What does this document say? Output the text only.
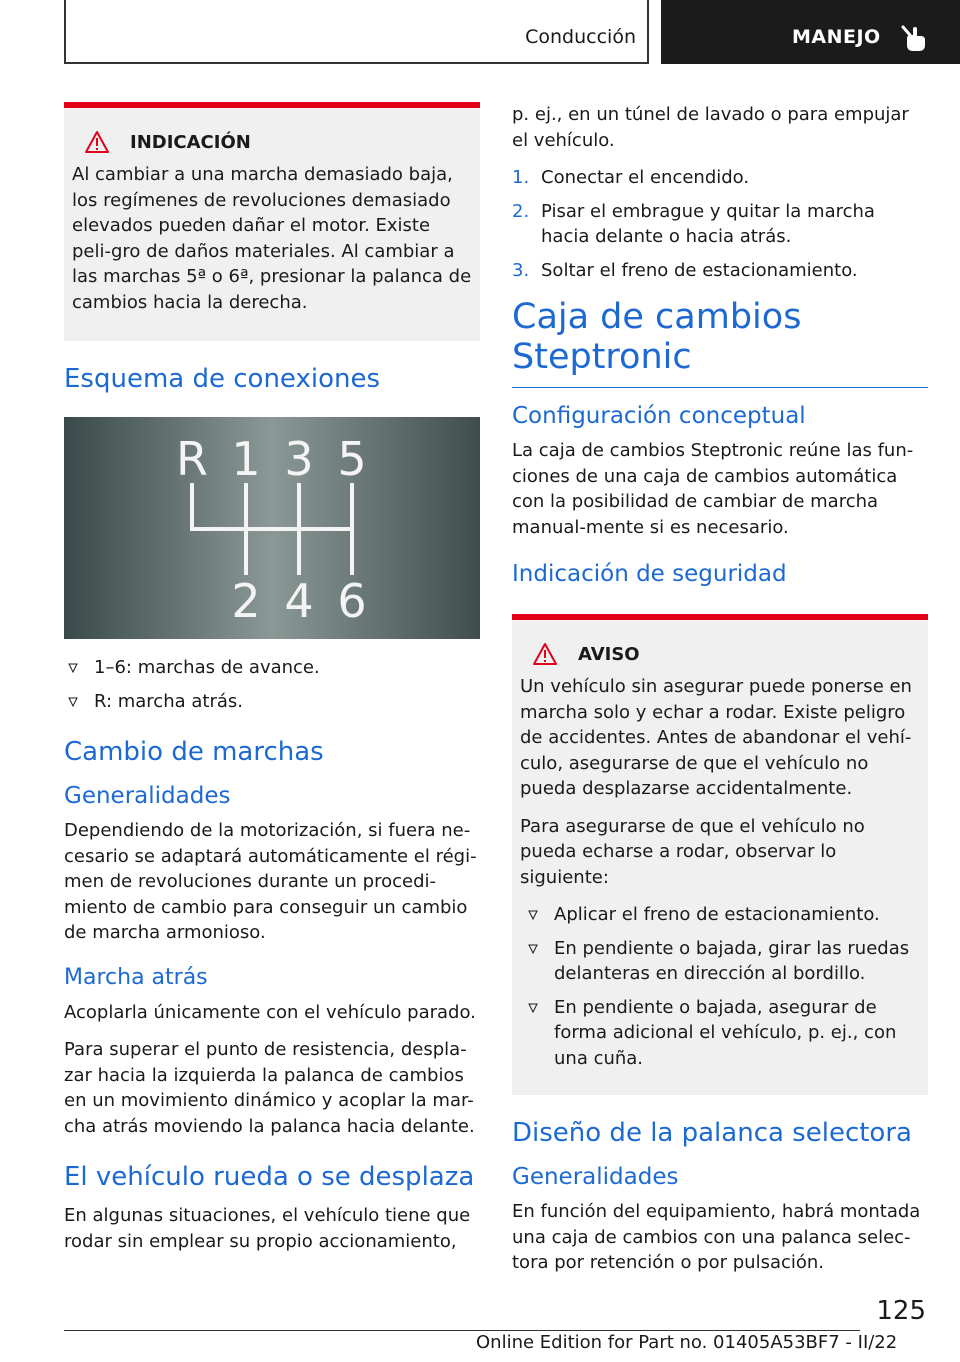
Conducción	MANEJO
INDICACIÓN

Al cambiar a una marcha demasiado baja, los regímenes de revoluciones demasiado elevados pueden dañar el motor. Existe peli-gro de daños materiales. Al cambiar a las marchas 5ª o 6ª, presionar la palanca de cambios hacia la derecha.

Esquema de conexiones
R 1 3 5
2 4 6
1–6: marchas de avance.
R: marcha atrás.
Cambio de marchas
Generalidades

Dependiendo de la motorización, si fuera ne-cesario se adaptará automáticamente el régi-men de revoluciones durante un procedi-miento de cambio para conseguir un cambio de marcha armonioso.

Marcha atrás

Acoplarla únicamente con el vehículo parado.

Para superar el punto de resistencia, despla-zar hacia la izquierda la palanca de cambios en un movimiento dinámico y acoplar la mar-cha atrás moviendo la palanca hacia delante.

El vehículo rueda o se desplaza

En algunas situaciones, el vehículo tiene que rodar sin emplear su propio accionamiento,

p. ej., en un túnel de lavado o para empujar el vehículo.

1. Conectar el encendido.
2. Pisar el embrague y quitar la marcha hacia delante o hacia atrás.
3. Soltar el freno de estacionamiento.
Caja de cambios Steptronic
Configuración conceptual

La caja de cambios Steptronic reúne las fun-ciones de una caja de cambios automática con la posibilidad de cambiar de marcha manual-mente si es necesario.

Indicación de seguridad
AVISO

Un vehículo sin asegurar puede ponerse en marcha solo y echar a rodar. Existe peligro de accidentes. Antes de abandonar el vehí-culo, asegurarse de que el vehículo no pueda desplazarse accidentalmente.

Para asegurarse de que el vehículo no pueda echarse a rodar, observar lo siguiente:

Aplicar el freno de estacionamiento.
En pendiente o bajada, girar las ruedas delanteras en dirección al bordillo.
En pendiente o bajada, asegurar de forma adicional el vehículo, p. ej., con una cuña.
Diseño de la palanca selectora
Generalidades

En función del equipamiento, habrá montada una caja de cambios con una palanca selec-tora por retención o por pulsación.

125
Online Edition for Part no. 01405A53BF7 - II/22
